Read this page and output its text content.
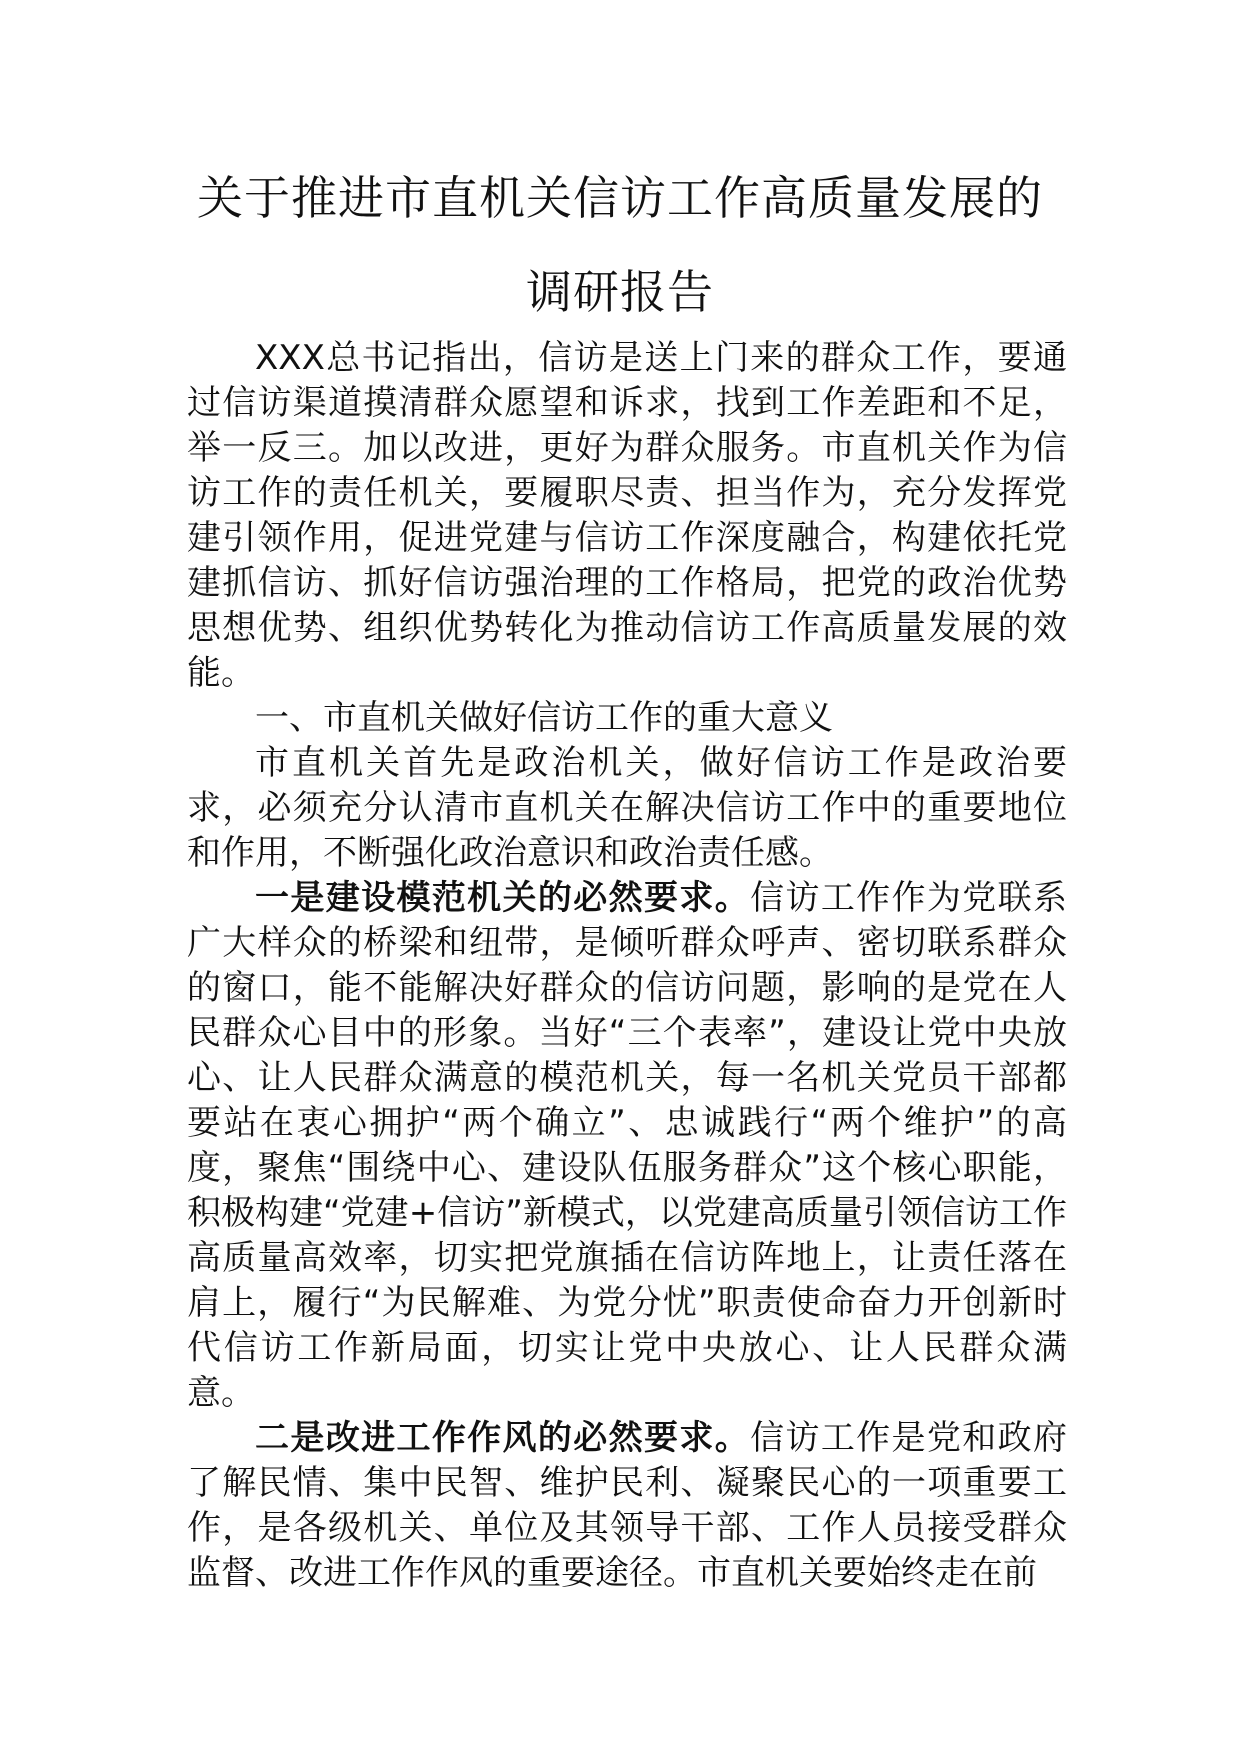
关于推进市直机关信访工作高质量发展的
调研报告

XXX总书记指出，信访是送上门来的群众工作，要通过信访渠道摸清群众愿望和诉求，找到工作差距和不足，举一反三。加以改进，更好为群众服务。市直机关作为信访工作的责任机关，要履职尽责、担当作为，充分发挥党建引领作用，促进党建与信访工作深度融合，构建依托党建抓信访、抓好信访强治理的工作格局，把党的政治优势思想优势、组织优势转化为推动信访工作高质量发展的效能。

一、市直机关做好信访工作的重大意义

市直机关首先是政治机关，做好信访工作是政治要求，必须充分认清市直机关在解决信访工作中的重要地位和作用，不断强化政治意识和政治责任感。

一是建设模范机关的必然要求。信访工作作为党联系广大样众的桥梁和纽带，是倾听群众呼声、密切联系群众的窗口，能不能解决好群众的信访问题，影响的是党在人民群众心目中的形象。当好“三个表率”，建设让党中央放心、让人民群众满意的模范机关，每一名机关党员干部都要站在衷心拥护“两个确立”、忠诚践行“两个维护”的高度，聚焦“围绕中心、建设队伍服务群众”这个核心职能，积极构建“党建+信访”新模式，以党建高质量引领信访工作高质量高效率，切实把党旗插在信访阵地上，让责任落在肩上，履行“为民解难、为党分忧”职责使命奋力开创新时代信访工作新局面，切实让党中央放心、让人民群众满意。

二是改进工作作风的必然要求。信访工作是党和政府了解民情、集中民智、维护民利、凝聚民心的一项重要工作，是各级机关、单位及其领导干部、工作人员接受群众监督、改进工作作风的重要途径。市直机关要始终走在前
